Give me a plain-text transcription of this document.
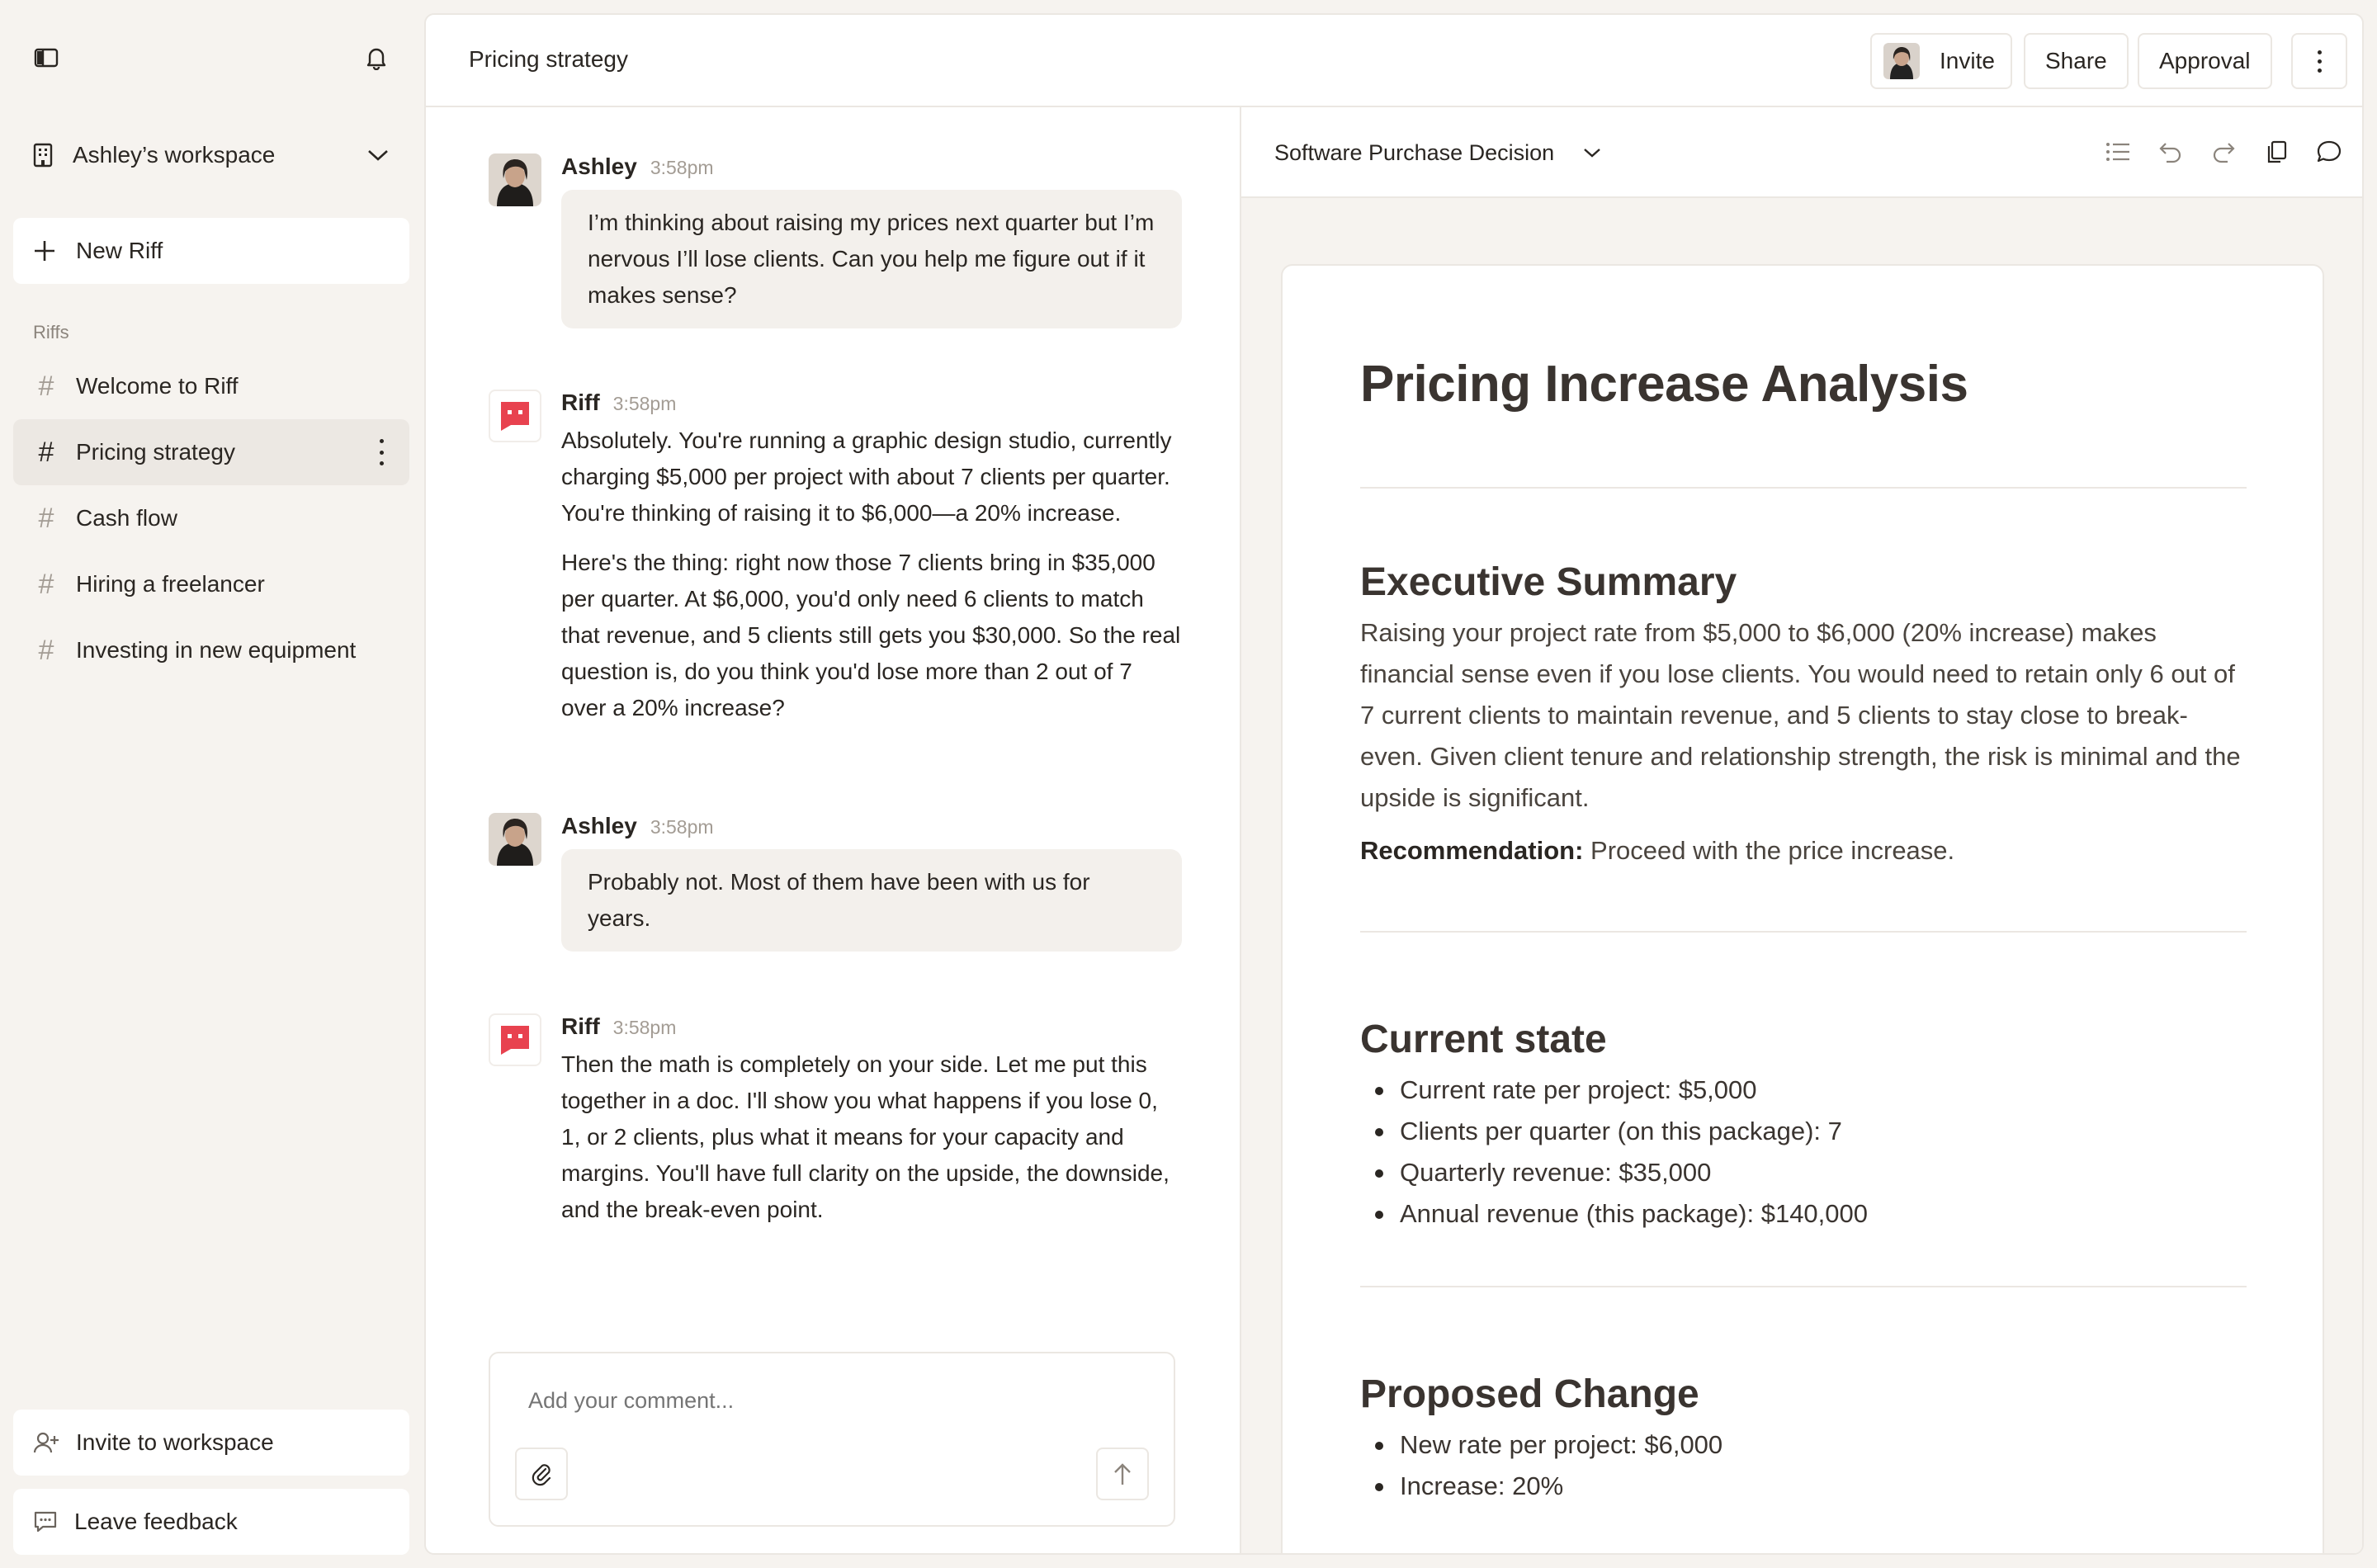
Ashley’s workspace
New Riff
Riffs
# Welcome to Riff
# Pricing strategy
# Cash flow
# Hiring a freelancer
# Investing in new equipment
Invite to workspace
Leave feedback
Pricing strategy	Invite Share Approval
Ashley 3:58pm
I’m thinking about raising my prices next quarter but I’m nervous I’ll lose clients. Can you help me figure out if it makes sense?
Riff 3:58pm
Absolutely. You're running a graphic design studio, currently charging $5,000 per project with about 7 clients per quarter. You're thinking of raising it to $6,000—a 20% increase.
Here's the thing: right now those 7 clients bring in $35,000 per quarter. At $6,000, you'd only need 6 clients to match that revenue, and 5 clients still gets you $30,000. So the real question is, do you think you'd lose more than 2 out of 7 over a 20% increase?
Ashley 3:58pm
Probably not. Most of them have been with us for years.
Riff 3:58pm
Then the math is completely on your side. Let me put this together in a doc. I'll show you what happens if you lose 0, 1, or 2 clients, plus what it means for your capacity and margins. You'll have full clarity on the upside, the downside, and the break-even point.
Add your comment...
Software Purchase Decision
Pricing Increase Analysis
Executive Summary

Raising your project rate from $5,000 to $6,000 (20% increase) makes financial sense even if you lose clients. You would need to retain only 6 out of 7 current clients to maintain revenue, and 5 clients to stay close to break-even. Given client tenure and relationship strength, the risk is minimal and the upside is significant.

Recommendation: Proceed with the price increase.

Current state
Current rate per project: $5,000
Clients per quarter (on this package): 7
Quarterly revenue: $35,000
Annual revenue (this package): $140,000
Proposed Change
New rate per project: $6,000
Increase: 20%
